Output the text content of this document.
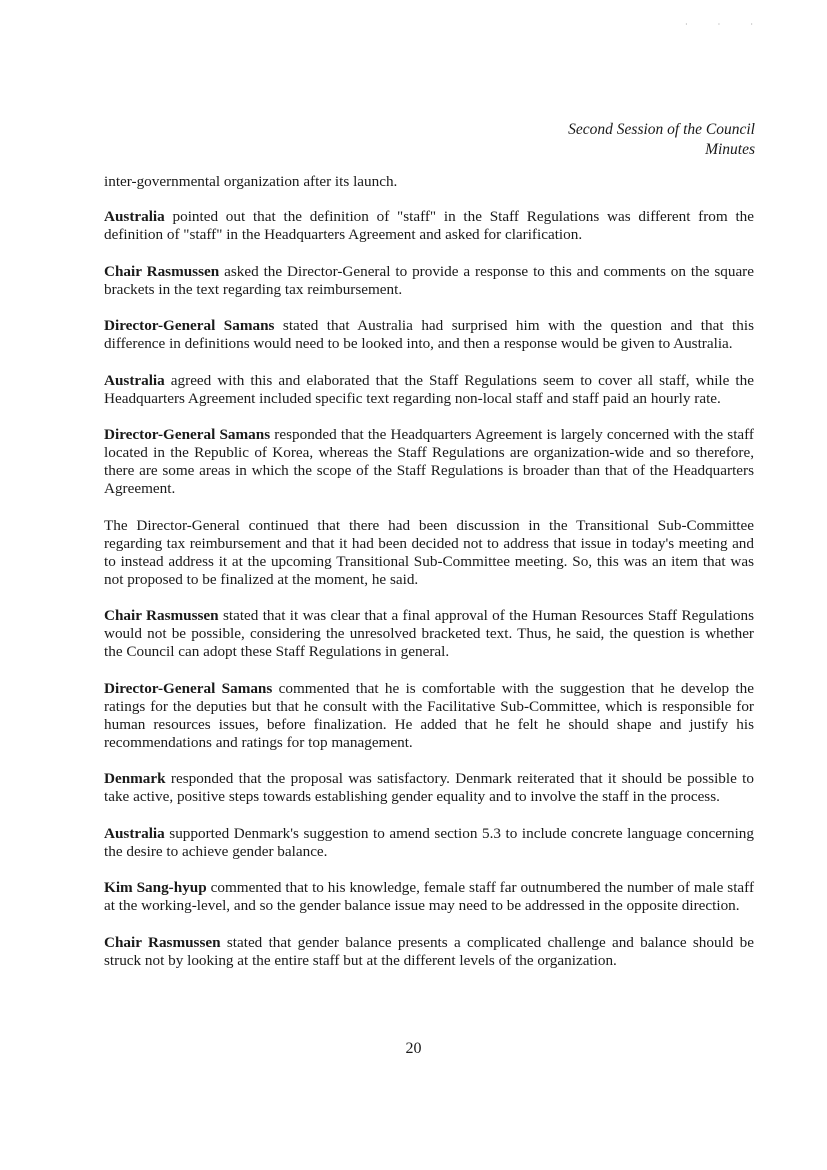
· · ·
Second Session of the Council
Minutes

inter-governmental organization after its launch.

Australia pointed out that the definition of "staff" in the Staff Regulations was different from the definition of "staff" in the Headquarters Agreement and asked for clarification.

Chair Rasmussen asked the Director-General to provide a response to this and comments on the square brackets in the text regarding tax reimbursement.

Director-General Samans stated that Australia had surprised him with the question and that this difference in definitions would need to be looked into, and then a response would be given to Australia.

Australia agreed with this and elaborated that the Staff Regulations seem to cover all staff, while the Headquarters Agreement included specific text regarding non-local staff and staff paid an hourly rate.

Director-General Samans responded that the Headquarters Agreement is largely concerned with the staff located in the Republic of Korea, whereas the Staff Regulations are organization-wide and so therefore, there are some areas in which the scope of the Staff Regulations is broader than that of the Headquarters Agreement.

The Director-General continued that there had been discussion in the Transitional Sub-Committee regarding tax reimbursement and that it had been decided not to address that issue in today's meeting and to instead address it at the upcoming Transitional Sub-Committee meeting. So, this was an item that was not proposed to be finalized at the moment, he said.

Chair Rasmussen stated that it was clear that a final approval of the Human Resources Staff Regulations would not be possible, considering the unresolved bracketed text. Thus, he said, the question is whether the Council can adopt these Staff Regulations in general.

Director-General Samans commented that he is comfortable with the suggestion that he develop the ratings for the deputies but that he consult with the Facilitative Sub-Committee, which is responsible for human resources issues, before finalization. He added that he felt he should shape and justify his recommendations and ratings for top management.

Denmark responded that the proposal was satisfactory. Denmark reiterated that it should be possible to take active, positive steps towards establishing gender equality and to involve the staff in the process.

Australia supported Denmark's suggestion to amend section 5.3 to include concrete language concerning the desire to achieve gender balance.

Kim Sang-hyup commented that to his knowledge, female staff far outnumbered the number of male staff at the working-level, and so the gender balance issue may need to be addressed in the opposite direction.

Chair Rasmussen stated that gender balance presents a complicated challenge and balance should be struck not by looking at the entire staff but at the different levels of the organization.

20
